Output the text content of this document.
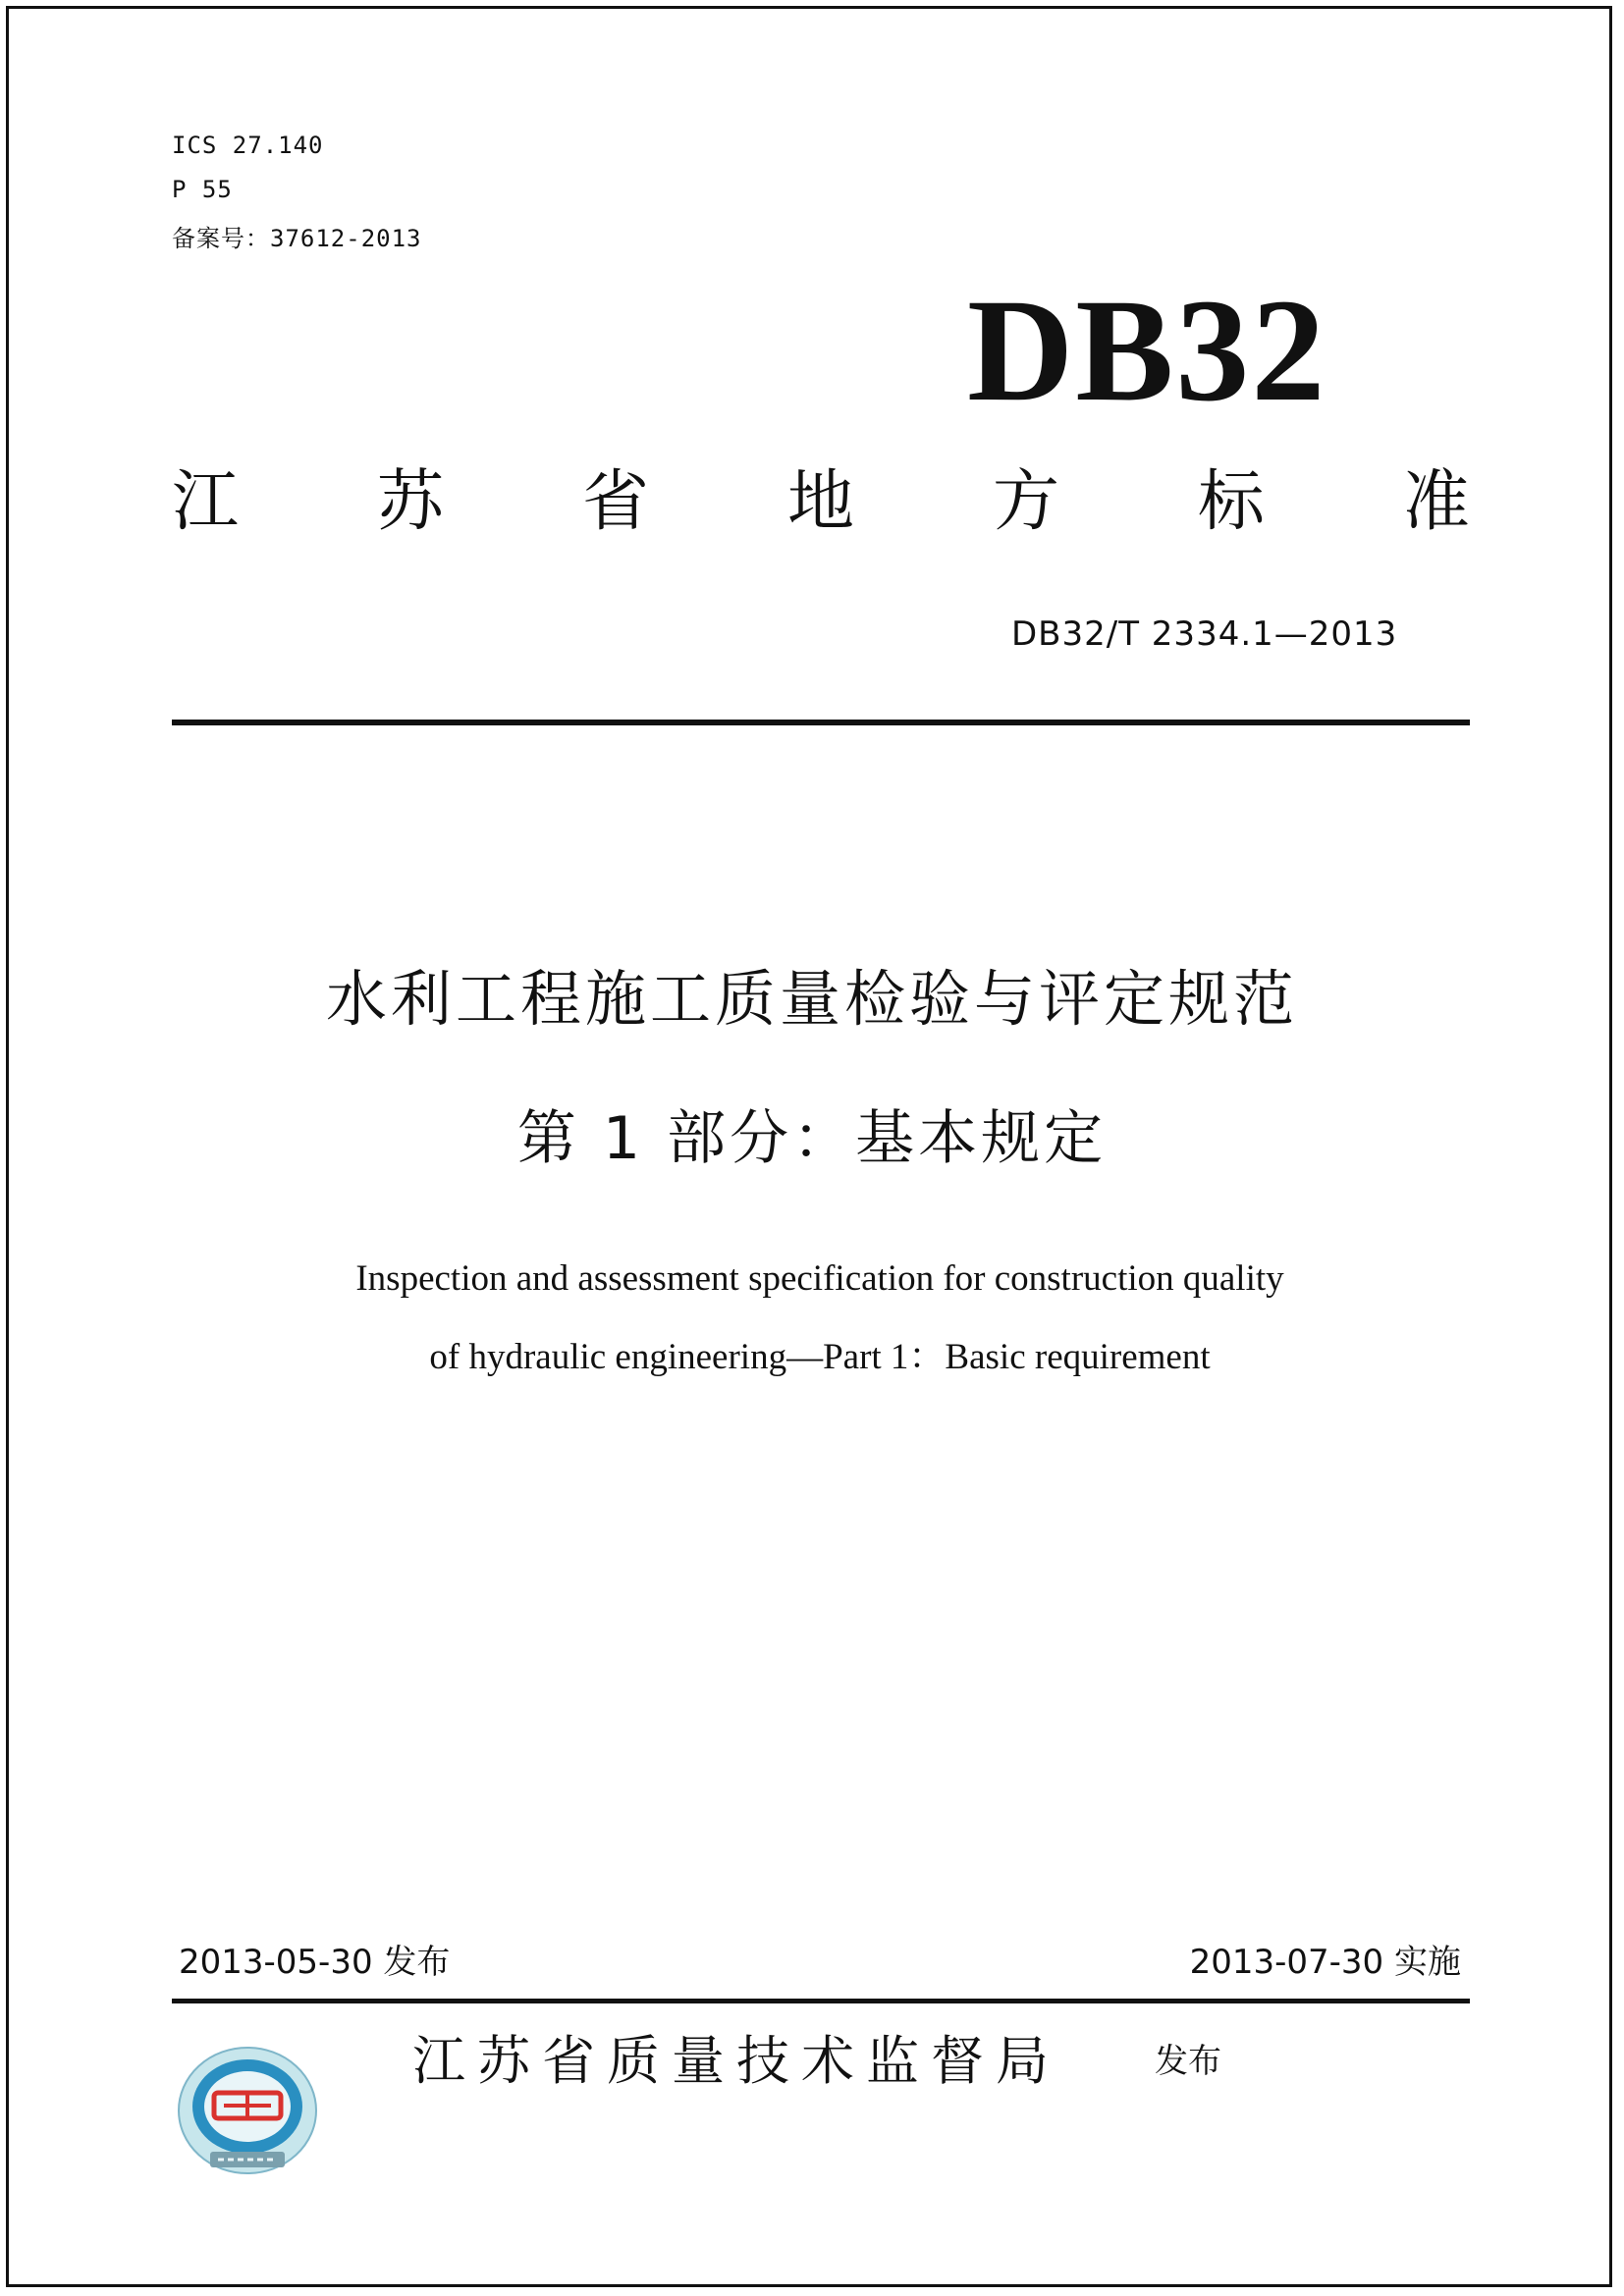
ICS 27.140
P 55
备案号：37612-2013
DB32
江 苏 省 地 方 标 准
DB32/T 2334.1—2013
水利工程施工质量检验与评定规范
第 1 部分：基本规定
Inspection and assessment specification for construction quality
of hydraulic engineering—Part 1：Basic requirement
2013-05-30 发布	2013-07-30 实施
江苏省质量技术监督局	发布
